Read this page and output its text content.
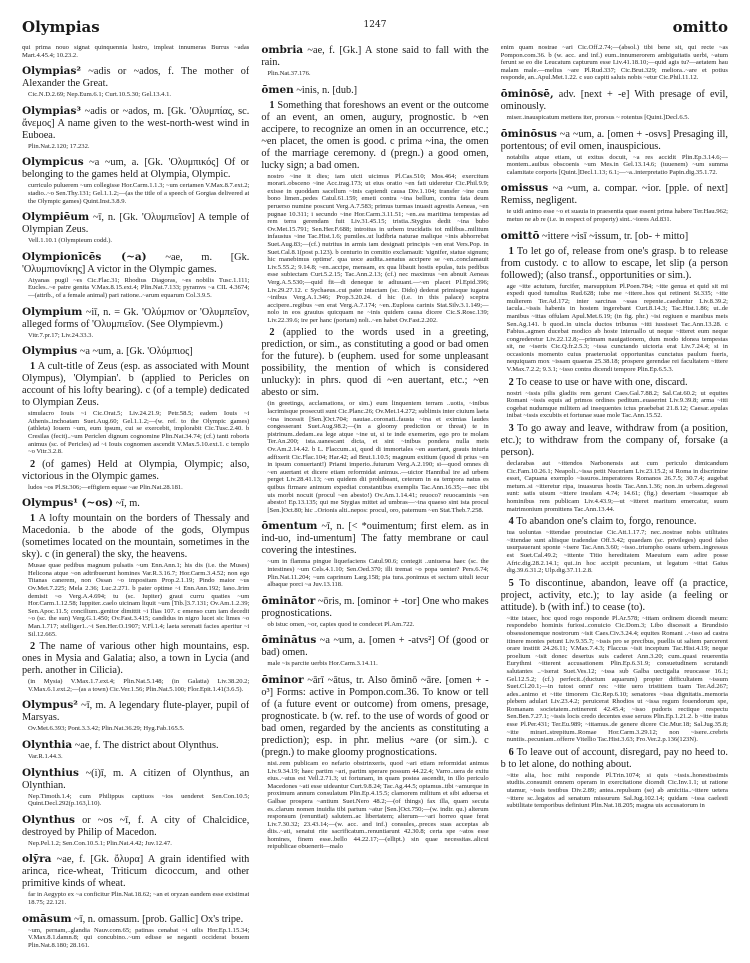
Olympias	1247	omitto

qui prima nouo signat quinquennia lustro, impleat innumeras Burrus ~adas Mart.4.45.4; 10.23.2.

Olympias² ~adis or ~ados, f. The mother of Alexander the Great.

Cic.N.D.2.69; Nep.Eum.6.1; Curt.10.5.30; Gel.13.4.1.

Olympias³ ~adis or ~ados, m. [Gk. 'Ολυμπίας, sc. ἄνεμος] A name given to the west-north-west wind in Euboea.

Plin.Nat.2.120; 17.232.

Olympicus ~a ~um, a. [Gk. 'Ολυμπικός] Of or belonging to the games held at Olympia, Olympic.

curriculo puluerem ~um collegisse Hor.Carm.1.1.3; ~um certamen V.Max.8.7.ext.2; stadio..~o Sen.Thy.131; Gel.1.1.2;—(as the title of a speech of Gorgias delivered at the Olympic games) Quint.Inst.3.8.9.

Olympiēum ~ī, n. [Gk. 'Ολυμπιεῖον] A temple of Olympian Zeus.

Vell.1.10.1 (Olympieum codd.).

Olympionīcēs (~a) ~ae, m. [Gk. 'Ολυμπιονίκης] A victor in the Olympic games.

Atyanas pugil ~es Cic.Flac.31; Rhodius Diagoras, ~es nobilis Tusc.1.111; Eucles..~e patre genita V.Max.8.15.ext.4; Plin.Nat.7.133; pyramvs ~a CIL 4.3674;—(attrib., of a female animal) pari ratione..~arum equarum Col.3.9.5.

Olympium ~iī, n. = Gk. 'Ολύμπιον or 'Ολυμπεῖον, alleged forms of 'Ολυμπιεῖον. (See Olympievm.)

Vitr.7.pr.17; Liv.24.33.3.

Olympius ~a ~um, a. [Gk. 'Ολύμπιος]

1 A cult-title of Zeus (esp. as associated with Mount Olympus), 'Olympian'. b (applied to Pericles on account of his lofty bearing). c (of a temple) dedicated to Olympian Zeus.

simulacro Iouis ~i Cic.Orat.5; Liv.24.21.9; Petr.58.5; eadem Iouis ~i Athenis..inchoatam Suet.Aug.60; Gel.1.1.2;—(w. ref. to the Olympic games) (athleta) Iouem ~um, eum ipsum, cui se exercebit, implorabit Cic.Tusc.2.40. b Cresilas (fecit)..~um Periclen dignum cognomine Plin.Nat.34.74; (cf.) tanti roboris animus (sc. of Pericles) ad ~i Iouis cognomen ascendit V.Max.5.10.ext.1. c templo ~o Vitr.3.2.8.

2 (of games) Held at Olympia, Olympic; also, victorious in the Olympic games.

ludos ~os Pl.St.306;—effigiem equae ~ae Plin.Nat.28.181.

Olympus¹ (~os) ~ī, m.

1 A lofty mountain on the borders of Thessaly and Macedonia. b the abode of the gods, Olympus (sometimes located on the mountain, sometimes in the sky). c (in general) the sky, the heavens.

Musae quae pedibus magnum pulsatis ~um Enn.Ann.1; his dis (i.e. the Muses) Helicona atque ~on adtribuerunt homines Var.R.3.16.7; Hor.Carm.3.4.52; non ego Titanas canerem, non Ossan ~o impositam Prop.2.1.19; Pindo maior ~us Ov.Met.7.225; Mela 2.36; Luc.2.271. b pater optime ~i Enn.Ann.192; Iano..Irim demisit ~o Verg.A.4.694; tu (sc. Iupiter) graui curru quaties ~um Hor.Carm.1.12.58; Iuppiter..caelo uicinam liquit ~um [Tib.]3.7.131; Ov.Am.1.2.39; Sen.Apoc.11.5; concilium..genitor dimittit ~i Ilias 107. c emenso cum iam decedit ~o (sc. the sun) Verg.G.1.450; Ov.Fast.3.415; candidus in nigro lucet sic limes ~o Man.1.717; stelliger1..~i Sen.Her.O.1907; V.Fl.1.4; laeta serenati facies aperitur ~i Sil.12.665.

2 The name of various other high mountains, esp. ones in Mysia and Galatia; also, a town in Lycia (and perh. another in Cilicia).

(in Mysia) V.Max.1.7.ext.4; Plin.Nat.5.148; (in Galatia) Liv.38.20.2; V.Max.6.1.ext.2;—(as a town) Cic.Ver.1.56; Plin.Nat.5.100; Flor.Epit.1.41(3.6.5).

Olympus² ~ī, m. A legendary flute-player, pupil of Marsyas.

Ov.Met.6.393; Pont.3.3.42; Plin.Nat.36.29; Hyg.Fab.165.5.

Olynthia ~ae, f. The district about Olynthus.

Var.R.1.44.3.

Olynthius ~(i)ī, m. A citizen of Olynthus, an Olynthian.

Nep.Timoth.1.4; cum Philippus captiuos ~ios uenderet Sen.Con.10.5; Quint.Decl.292(p.163,l.10).

Olynthus or ~os ~ī, f. A city of Chalcidice, destroyed by Philip of Macedon.

Nep.Pel.1.2; Sen.Con.10.5.1; Plin.Nat.4.42; Juv.12.47.

olȳra ~ae, f. [Gk. ὄλυρα] A grain identified with arinca, rice-wheat, Triticum dicoccum, and other primitive kinds of wheat.

far in Aegypto ex ~a conficitur Plin.Nat.18.62; ~an et oryzan eandem esse existimat 18.75; 22.121.

omāsum ~ī, n. omassum. [prob. Gallic] Ox's tripe.

~um, pernam,..glandia Nauv.com.65; patinas cenabat ~i uilis Hor.Ep.1.15.34; V.Max.8.1.damn.8; qui concubino..~um edisse se neganti occiderat bouem Plin.Nat.8.180; 28.161.

ombria ~ae, f. [Gk.] A stone said to fall with the rain.

Plin.Nat.37.176.

ōmen ~inis, n. [dub.]

1 Something that foreshows an event or the outcome of an event, an omen, augury, prognostic. b ~en accipere, to recognize an omen in an occurrence, etc.; ~en placet, the omen is good. c prima ~ina, the omen of the marriage ceremony. d (pregn.) a good omen, lucky sign; a bad omen.

nostro ~ine it dies; iam uicti uicimus Pl.Cas.510; Mos.464; exercitum morari..obsceno ~ine Acc.trag.173; ut eius oratio ~en fati uideretur Cic.Phil.9.9; exisse in quoddam sacellum ~inis capiendi causa Div.1.104; transfer ~ine cum bono limen..pedes Catul.61.159; emeti contra ~ina bellum, contra fata deum peruerso numine poscunt Verg.A.7.583; primus turmas inuasit agrestis Aeneas, ~en pugnae 10.311; i secundo ~ine Hor.Carm.3.11.51; ~en..ea maritima tempestas ad rem terra gerendam fuit Liv.31.45.15; tristia..Stygius dedit ~ina bubo Ov.Met.15.791; Sen.Her.F.688; introitus in urbem trucidatis tot milibus..militum infaustus ~ine Tac.Hist.1.6; pumiles..ut ludibria naturae malique ~inis abhorrebat Suet.Aug.83;—(cf.) nutritus in armis iam designati principis ~en erat Vers.Pop. in Suet.Cal.8.1(post p.123). b centurio in comitio exclamauit: 'signifer, statue signum; hic manebimus optime'. qua uoce audita..senatus accipere se ~en..conclamauit Liv.5.55.2; 9.14.8; ~en..accipe, mensam, ex qua libauit hostis epulas, tuis pedibus esse subiectam Curt.5.2.15; Tac.Ann.2.13; (cf.) nec maximus ~en abnuit Aeneas Verg.A.5.530;—quid fit—di deneque te adiuuant.—~en placet Pl.Epid.396; Liv.29.27.12. c Sychaeus..cui pater intactam (sc. Dido) dederat primisque iugarat ~inibus Verg.A.1.346; Prop.3.20.24. d hic (i.e. in this palace) sceptra accipere..regibus ~en erat Verg.A.7.174; ~en..Euploea carinis Stat.Silv.3.1.149;—nolo in eos grauius quicquam ne ~inis quidem causa dicere Cic.S.Rosc.139; Liv.22.39.6; ire per hanc (portam) noli..~en habet Ov.Fast.2.202.

2 (applied to the words used in a greeting, prediction, or sim., as constituting a good or bad omen for the future). b (euphem. used for some unpleasant possibility, the mention of which is considered unlucky): in phrs. quod di ~en auertant, etc.; ~en abesto or sim.

(in greetings, acclamations, or sim.) eum linquentem terram ..uotis, ~inibus lacrimisque prosecuti sunt Cic.Planc.26; Ov.Met.14.272; sublimis inter ciuium laeta ~ina incessit [Sen.]Oct.704; nautae..coronati..fausta ~ina et eximias laudes congesserant Suet.Aug.98.2;—(in a gloomy prediction or threat) te in pistrinum..dedam..ea lege atque ~ine ut, si te inde exemerim, ego pro te molam Ter.An.200; ista..uanescant dicta, et sint ~inibus pondera nulla meis Ov.Am.2.14.42. b L. Flaccum..si, quod di immortales ~en auertant, grauis iniuria adfixerit Cic.Flac.104; Har.42; ad Brut.1.10.5; magnum exitium (quod di prius ~en in ipsum conuertant!) Priami imperio..futurum Verg.A.2.190; si—quod omnes di ~en auertant et dicere etiam reformidat animus..—uictor Hannibal ire ad urbem perget Liv.28.41.13; ~en quidem dii prohibeant, ceterum in ea tempora natus es quibus firmare animum expediat constantibus exemplis Tac.Ann.16.35;—nec tibi uis morbi nocuit (procul ~en abesto!) Ov.Am.1.14.41; reuoco? reuocaminis ~en abesto! Ep.13.135; qui me Stygias mittet ad umbras—~ina quaeso sint ista procul [Sen.]Oct.80; hic ..Orionis alti..nepos: procul, oro, paternum ~en Stat.Theb.7.258.

ōmentum ~ī, n. [< *ouimentum; first elem. as in ind-uo, ind-umentum] The fatty membrane or caul covering the intestines.

~um in flamma pingue liquefaciens Catul.90.6; contegit ..uniuersa haec (sc. the intestines) ~um Cels.4.1.10; Sen.Oed.370; illi tremat ~o popa uenter? Pers.6.74; Plin.Nat.11.204; ~um caprinum Larg.158; pia tura..ponimus et sectum uituli iecur albaque porci ~a Juv.13.118.

ōminātor ~ōris, m. [ominor + -tor] One who makes prognostications.

ob istuc omen, ~or, capies quod te condecet Pl.Am.722.

ōminātus ~a ~um, a. [omen + -atvs²] Of (good or bad) omen.

male ~is parcite uerbis Hor.Carm.3.14.11.

ōminor ~ārī ~ātus, tr. Also ōminō ~āre. [omen + -o³] Forms: active in Pompon.com.36. To know or tell of (a future event or outcome) from omens, presage, prognosticate. b (w. ref. to the use of words of good or bad omen, regarded by the ancients as constituting a prediction); esp. in phr. melius ~are (or sim.). c (pregn.) to make gloomy prognostications.

nisi..rem publicam eo nefario obstrinxeris, quod ~ari etiam reformidat animus Liv.9.34.19; haec partim ~ari, partim sperare possum 44.22.4; Varro..uera de exitu eius..~atus est Vell.2.71.3; ut fortunam, in quam postea ascendit, in illo periculo Macedones ~ati esse uideantur Curt.9.8.24; Tac.Ag.44.5; optamus..tibi ~amurque in proximum annum consulatum Plin.Ep.4.15.5; clamorem militum et sibi aduersa et Galbae prospera ~antium Suet.Nero 48.2;—(of things) fax illa, quam secuta es..clarum nomen inuidia tibi partum ~atur [Sen.]Oct.750;—(w. indir. qu.) alterum responsum (renuntiat) salutem..ac libertatem; alterum—~ari horreo quae ferat Liv.7.30.32; 23.43.14;—(w. acc. and inf.) consules,..preces suas acceptas ab diis..~ati, senatui rite sacrificatum..renuntiarunt 42.30.8; certa spe ~atos esse homines, finem esse..bello 44.22.17;—(ellipt.) sin quae necessitas..alicui reipublicae obuenerit—malo

enim quam nostrae ~ari Cic.Off.2.74;—(absol.) tibi bene sit, qui recte ~as Pompon.com.36. b (w. acc. and inf.) eum..innumerorem ambiguitatis uerbi, ~atum ferunt se eo die Leucatum capturum esse Liv.41.18.10;—quid agis tu?—aetatem hau malam male.—melius ~are Pl.Rud.337; Cic.Brut.329; meliora..~are et potius responde, an..Apul.Met.1.22. c suo capiti saluis nobis ~etur Cic.Phil.11.12.

ōminōsē, adv. [next + -e] With presage of evil, ominously.

miser..inauspicatum metiens iter, prorsus ~ rotentus [Quint.]Decl.6.5.

ōminōsus ~a ~um, a. [omen + -osvs] Presaging ill, portentous; of evil omen, inauspicious.

notabilis atque etiam, ut exitus docuit, ~a res accidit Plin.Ep.3.14.6;—montem..auibus obscoenis ~um Mes.in Gel.13.14.6; (iuuenem) ~um summa calamitate corporis [Quint.]Decl.1.13; 6.1;—~a..interpretatio Papin.dig.35.1.72.

omissus ~a ~um, a. compar. ~ior. [pple. of next] Remiss, negligent.

te uidi animo esse ~o et suauia in praesentia quae essent prima habere Ter.Hau.962; metuo ne ab re (i.e. in respect of property) sint..~iores Ad.831.

omittō ~ittere ~isī ~issum, tr. [ob- + mitto]

1 To let go of, release from one's grasp. b to release from custody. c to allow to escape, let slip (a person followed); (also transf., opportunities or sim.).

age ~itte actutum, furcifer, marsuppium Pl.Poen.784; ~itte genua et quid sit mi expedi quod tumultus Rud.628; iube me ~ittere..hos qui retinent St.335; ~itte mulierem Ter.Ad.172; inter sarcinas ~ssas repente..caeduntur Liv.8.39.2; iacula..~issis habenis in hostem ingerebant Curt.8.14.3; Tac.Hist.1.86; ut..de manibus ~ittas offulam Apul.Met.6.19; (in fig. phr.) ~isi regiuen e manibus meis Sen.Ag.141. b quod..in uincla ductos tribunus ~itti iussisset Tac.Ann.13.28. c Fabius..agmen ducebat modico ab hoste interuallo ut neque ~itteret eum neque congrederetur Liv.22.12.8;—primam nauigationem, dum modo idonea tempestas sit, ne ~iseris Cic.Q.fr.2.5.3; ~issa cunctando uictoria erat Liv.7.24.4; si in occasionis momento cuius praeteruolat opportunitas cunctatus paulum fueris, nequiquam mox ~issam quaeras 25.38.18; prospere gerendae rei facultatem ~ittere V.Max.7.2.2; 9.3.1; ~isso contra dicendi tempore Plin.Ep.6.5.3.

2 To cease to use or have with one, discard.

nostri ~issis pilis gladiis rem gerunt Caes.Gal.7.88.2; Sal.Cat.60.2; ut equites Romani ~issis equis ad primos ordines peditum..euaserint Liv.9.39.8; arma ~itti cogebat nudumque militem ad insequentes ictus praebebat 21.8.12; Caesar..epulas inibat ~issis excubiis et fortunae suae mole Tac.Ann.15.52.

3 To go away and leave, withdraw from (a position, etc.); to withdraw from the company of, forsake (a person).

declarabas aut ~ittendos Narbonensis aut cum periculo dimicandum Cic.Fam.10.26.1; Neapoli..~issa petit Nuceriam Liv.23.15.2; si Roma in discrimine esset, Capuana exemplo ~issuros..imperatores Romanos 26.7.5; 30.7.4; augebat metum..si ~itteretur ripa, inuasurus hostis Tac.Ann.1.36; non..in urbem..degressi sunt: satis uisum ~ittere insulam 4.74; 14.61; (fig.) desertam ~issamque ab hominibus rem publicam Liv.4.43.9;—ut ~itteret maritum emercatur, suum matrimonium promittens Tac.Ann.13.44.

4 To abandon one's claim to, forgo, renounce.

tua uoluntas ~ittendae prouinciae Cic.Att.1.17.7; nec..nostrae nobis utilitates ~ittendae sunt aliisque tradendae Off.3.42; quaedam (sc. privileges) quod falso usurpauerant sponte ~isere Tac.Ann.3.60; ~isso..triumpho ouans urbem..ingressus est Suet.Cal.49.2; ~ittente Titio hereditatem Maeuium eam adire posse Afric.dig.28.2.14.1; qui..in hoc accipit pecuniam, ut legatum ~ittat Gaius dig.39.6.31.2; Ulp.dig.37.11.2.8.

5 To discontinue, abandon, leave off (a practice, project, activity, etc.); to lay aside (a feeling or attitude). b (with inf.) to cease (to).

~itte istaec, hoc quod rogo responde Pl.Ar.578; ~ittam ordinem dicendi meum: respondebo hominis furiosi..conuicio Cic.Dom.3; Libo discessit a Brundisio obsessionemque nostrorum ~isit Caes.Civ.3.24.4; equites Romani ..~isso ad castra itinere montes petunt Liv.9.35.7; ~issis pro se precibus, puellis ut saltem parcerent orare institit 24.26.11; V.Max.7.4.3; Flaccus ~isit inceptum Tac.Hist.4.19; neque proelium ~isit donec desertus suis caderet Ann.3.20; cum..quasi reuerentia Eurythmi ~itterent accusationem Plin.Ep.6.31.9; consuetudinem scrutandi salutantes ..~iserat Suet.Ves.12; ~issa sub Galba uectigalia reuocasse 16.1; Gel.12.5.2; (cf.) perfecit..(ductum aquarum) propter difficultatem ~issum Suet.Cl.20.1;—in tutost omni' res: ~itte uero tristitiem tuam Ter.Ad.267; ades..animo et ~itte timorem Cic.Rep.6.10; senatores ~issa dignitatis..memoria plebem adulari Liv.23.4.2; peruicerat Rhodios ut ~issa regum fouendorum spe, Romanam societatem..retinerent 42.45.4; ~isso pudoris rectique respectu Sen.Ben.7.27.1; ~issis locis credo decentes esse seruos Plin.Ep.1.21.2. b ~itte iratus esse Pl.Per.431; Ter.Eu.989; ~ittamus..de genere dicere Cic.Mur.18; Sal.Jug.35.8; ~itte mirari..strepitum..Romae Hor.Carm.3.29.12; non ~isere..crebris nuntiis..pecuniam..offerre Vitellio Tac.Hist.3.63; Fro.Ver.2.p.136(123N).

6 To leave out of account, disregard, pay no heed to. b to let alone, do nothing about.

~itte alia, hoc mihi responde Pl.Trin.1074; si quis ~issis..honestissimis studiis..consumit omnem operam in exercitatione dicendi Cic.Inv.1.1; ut ratione utamur, ~issis testibus Div.2.89; antea..repulsum (se) ab amicitia..~ittere uetera ~ittere sc..legatos ad senatum missurum Sal.Jug.102.14; quidam ~issa caelesti subtilitate temporibus definiunt Plin.Nat.18.205; magna uis accusatorum in
